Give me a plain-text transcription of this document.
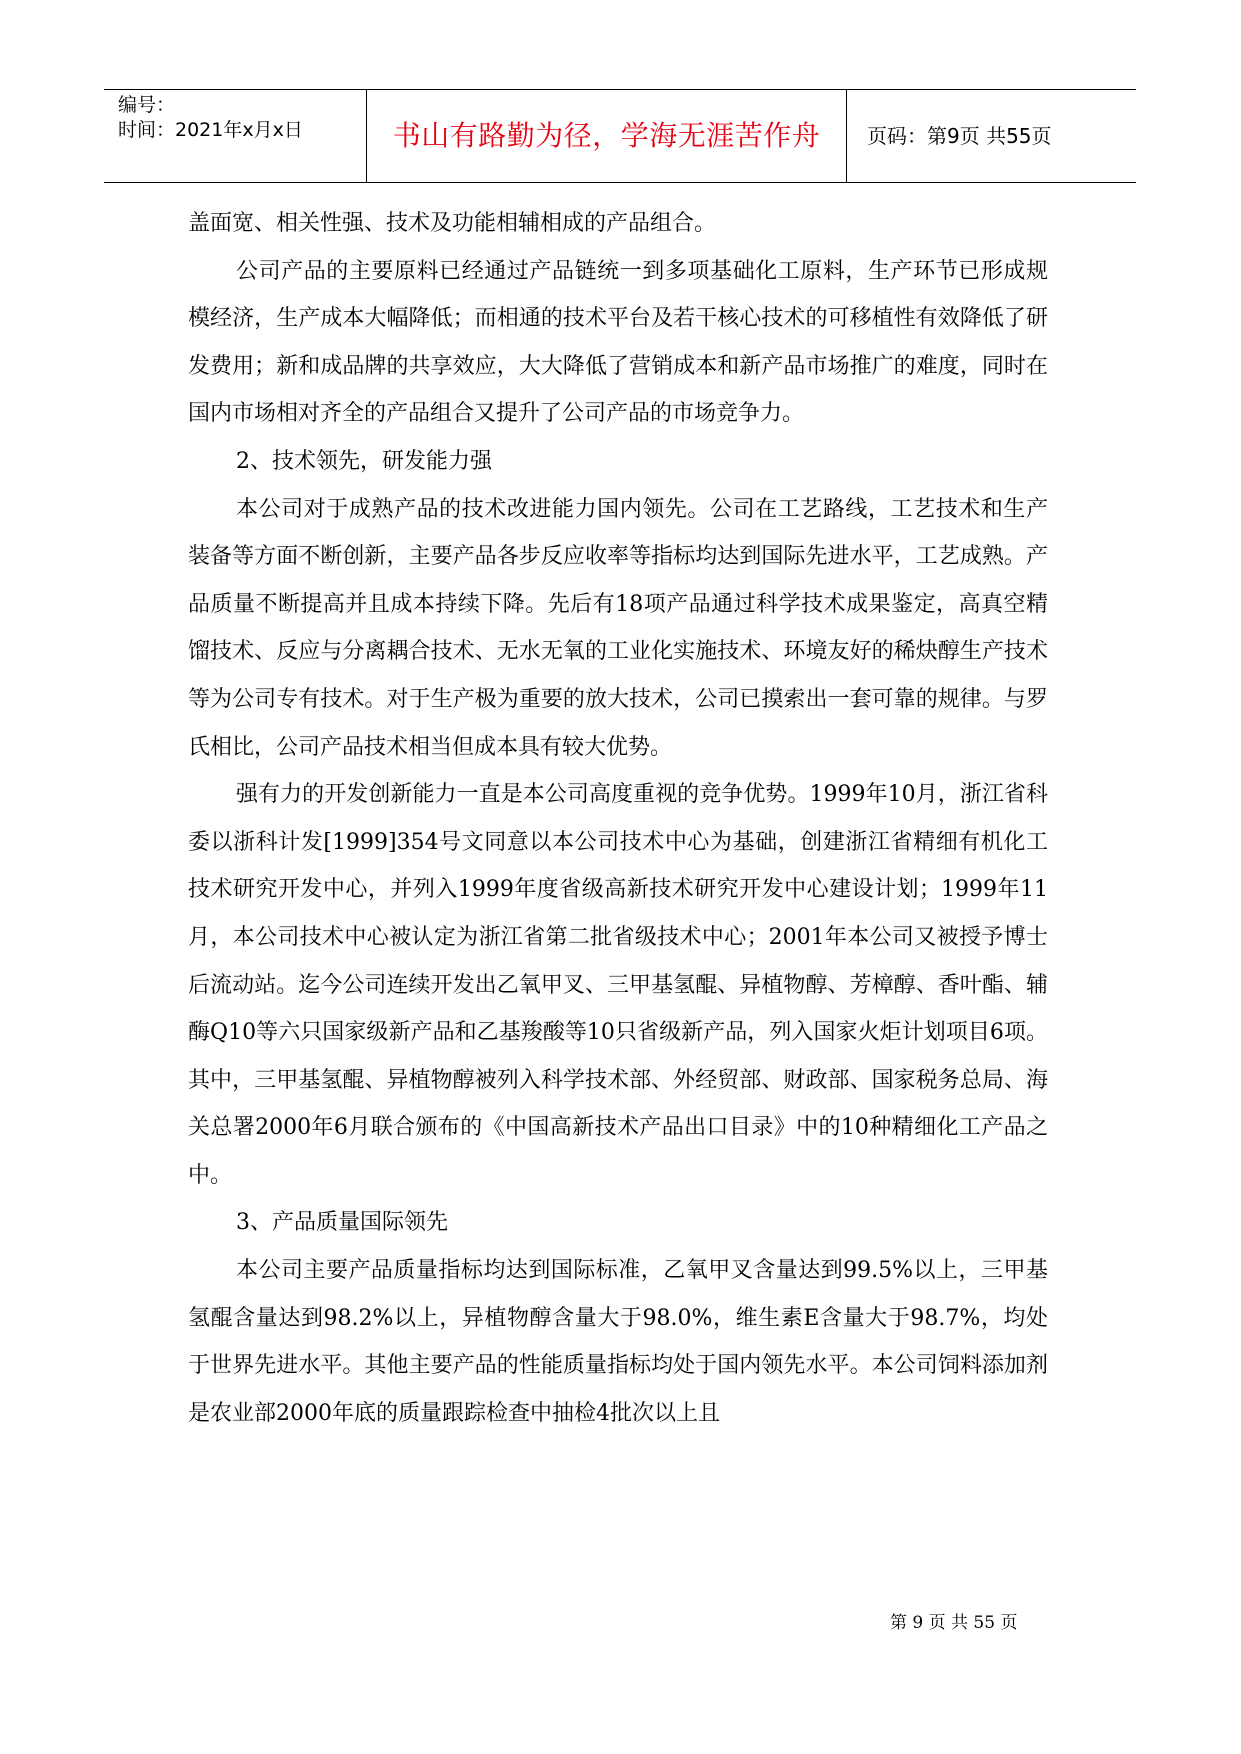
编号：
时间：2021年x月x日	书山有路勤为径，学海无涯苦作舟	页码：第9页 共55页

盖面宽、相关性强、技术及功能相辅相成的产品组合。

公司产品的主要原料已经通过产品链统一到多项基础化工原料，生产环节已形成规模经济，生产成本大幅降低；而相通的技术平台及若干核心技术的可移植性有效降低了研发费用；新和成品牌的共享效应，大大降低了营销成本和新产品市场推广的难度，同时在国内市场相对齐全的产品组合又提升了公司产品的市场竞争力。

2、技术领先，研发能力强

本公司对于成熟产品的技术改进能力国内领先。公司在工艺路线，工艺技术和生产装备等方面不断创新，主要产品各步反应收率等指标均达到国际先进水平，工艺成熟。产品质量不断提高并且成本持续下降。先后有18项产品通过科学技术成果鉴定，高真空精馏技术、反应与分离耦合技术、无水无氧的工业化实施技术、环境友好的稀炔醇生产技术等为公司专有技术。对于生产极为重要的放大技术，公司已摸索出一套可靠的规律。与罗氏相比，公司产品技术相当但成本具有较大优势。

强有力的开发创新能力一直是本公司高度重视的竞争优势。1999年10月，浙江省科委以浙科计发[1999]354号文同意以本公司技术中心为基础，创建浙江省精细有机化工技术研究开发中心，并列入1999年度省级高新技术研究开发中心建设计划；1999年11月，本公司技术中心被认定为浙江省第二批省级技术中心；2001年本公司又被授予博士后流动站。迄今公司连续开发出乙氧甲叉、三甲基氢醌、异植物醇、芳樟醇、香叶酯、辅酶Q10等六只国家级新产品和乙基羧酸等10只省级新产品，列入国家火炬计划项目6项。其中，三甲基氢醌、异植物醇被列入科学技术部、外经贸部、财政部、国家税务总局、海关总署2000年6月联合颁布的《中国高新技术产品出口目录》中的10种精细化工产品之中。

3、产品质量国际领先

本公司主要产品质量指标均达到国际标准，乙氧甲叉含量达到99.5%以上，三甲基氢醌含量达到98.2%以上，异植物醇含量大于98.0%，维生素E含量大于98.7%，均处于世界先进水平。其他主要产品的性能质量指标均处于国内领先水平。本公司饲料添加剂是农业部2000年底的质量跟踪检查中抽检4批次以上且

第 9 页 共 55 页
